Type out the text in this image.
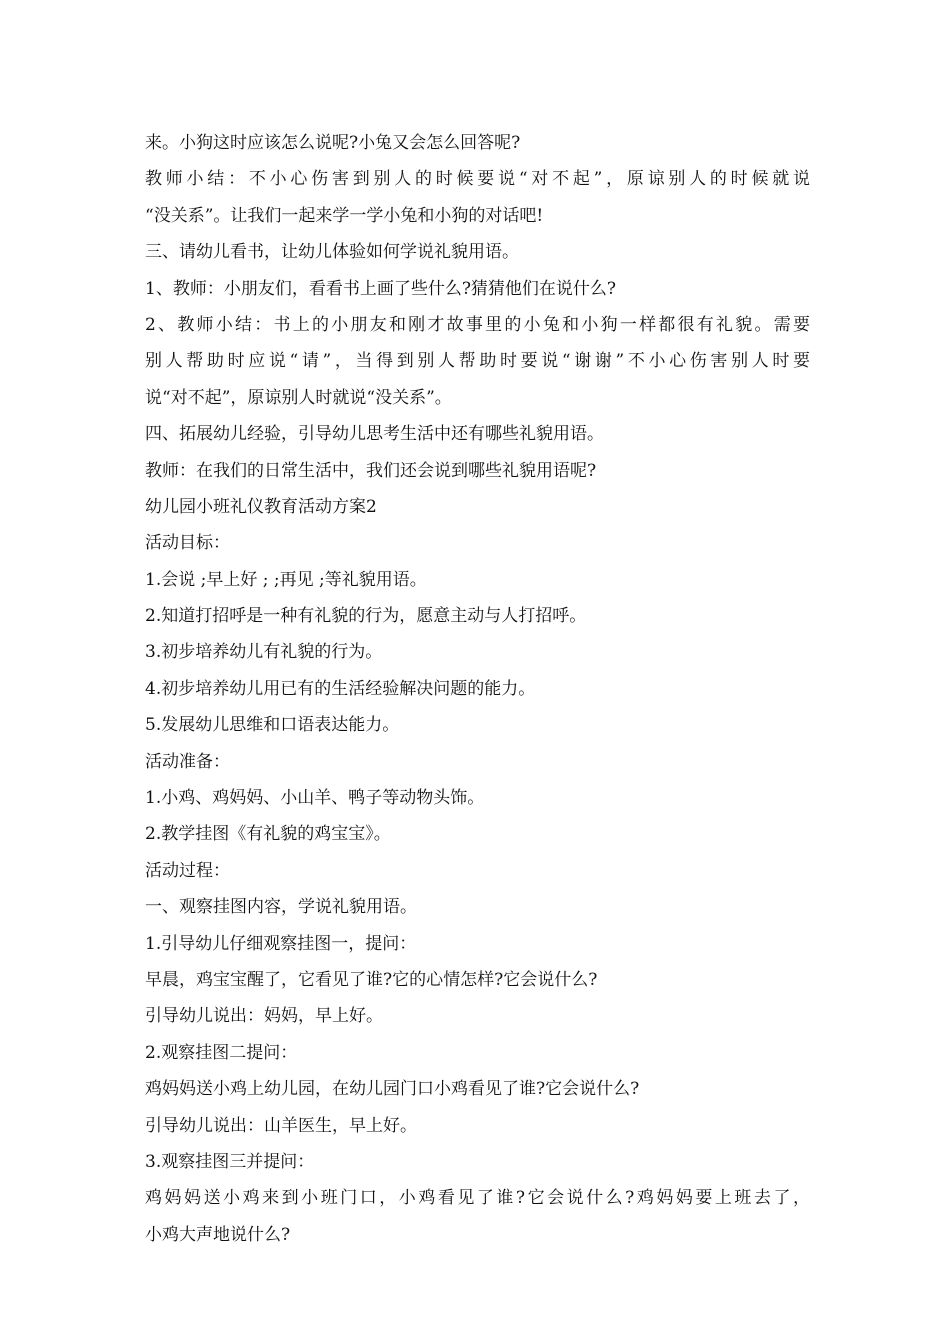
来。小狗这时应该怎么说呢?小兔又会怎么回答呢?

教师小结：不小心伤害到别人的时候要说“对不起”，原谅别人的时候就说

“没关系”。让我们一起来学一学小兔和小狗的对话吧!

三、请幼儿看书，让幼儿体验如何学说礼貌用语。

1、教师：小朋友们，看看书上画了些什么?猜猜他们在说什么?

2、教师小结：书上的小朋友和刚才故事里的小兔和小狗一样都很有礼貌。需要

别人帮助时应说“请”，当得到别人帮助时要说“谢谢”不小心伤害别人时要

说“对不起”，原谅别人时就说“没关系”。

四、拓展幼儿经验，引导幼儿思考生活中还有哪些礼貌用语。

教师：在我们的日常生活中，我们还会说到哪些礼貌用语呢?

幼儿园小班礼仪教育活动方案2

活动目标：

1.会说 ;早上好 ; ;再见 ;等礼貌用语。

2.知道打招呼是一种有礼貌的行为，愿意主动与人打招呼。

3.初步培养幼儿有礼貌的行为。

4.初步培养幼儿用已有的生活经验解决问题的能力。

5.发展幼儿思维和口语表达能力。

活动准备：

1.小鸡、鸡妈妈、小山羊、鸭子等动物头饰。

2.教学挂图《有礼貌的鸡宝宝》。

活动过程：

一、观察挂图内容，学说礼貌用语。

1.引导幼儿仔细观察挂图一，提问：

早晨，鸡宝宝醒了，它看见了谁?它的心情怎样?它会说什么?

引导幼儿说出：妈妈，早上好。

2.观察挂图二提问：

鸡妈妈送小鸡上幼儿园，在幼儿园门口小鸡看见了谁?它会说什么?

引导幼儿说出：山羊医生，早上好。

3.观察挂图三并提问：

鸡妈妈送小鸡来到小班门口，小鸡看见了谁?它会说什么?鸡妈妈要上班去了，

小鸡大声地说什么?
